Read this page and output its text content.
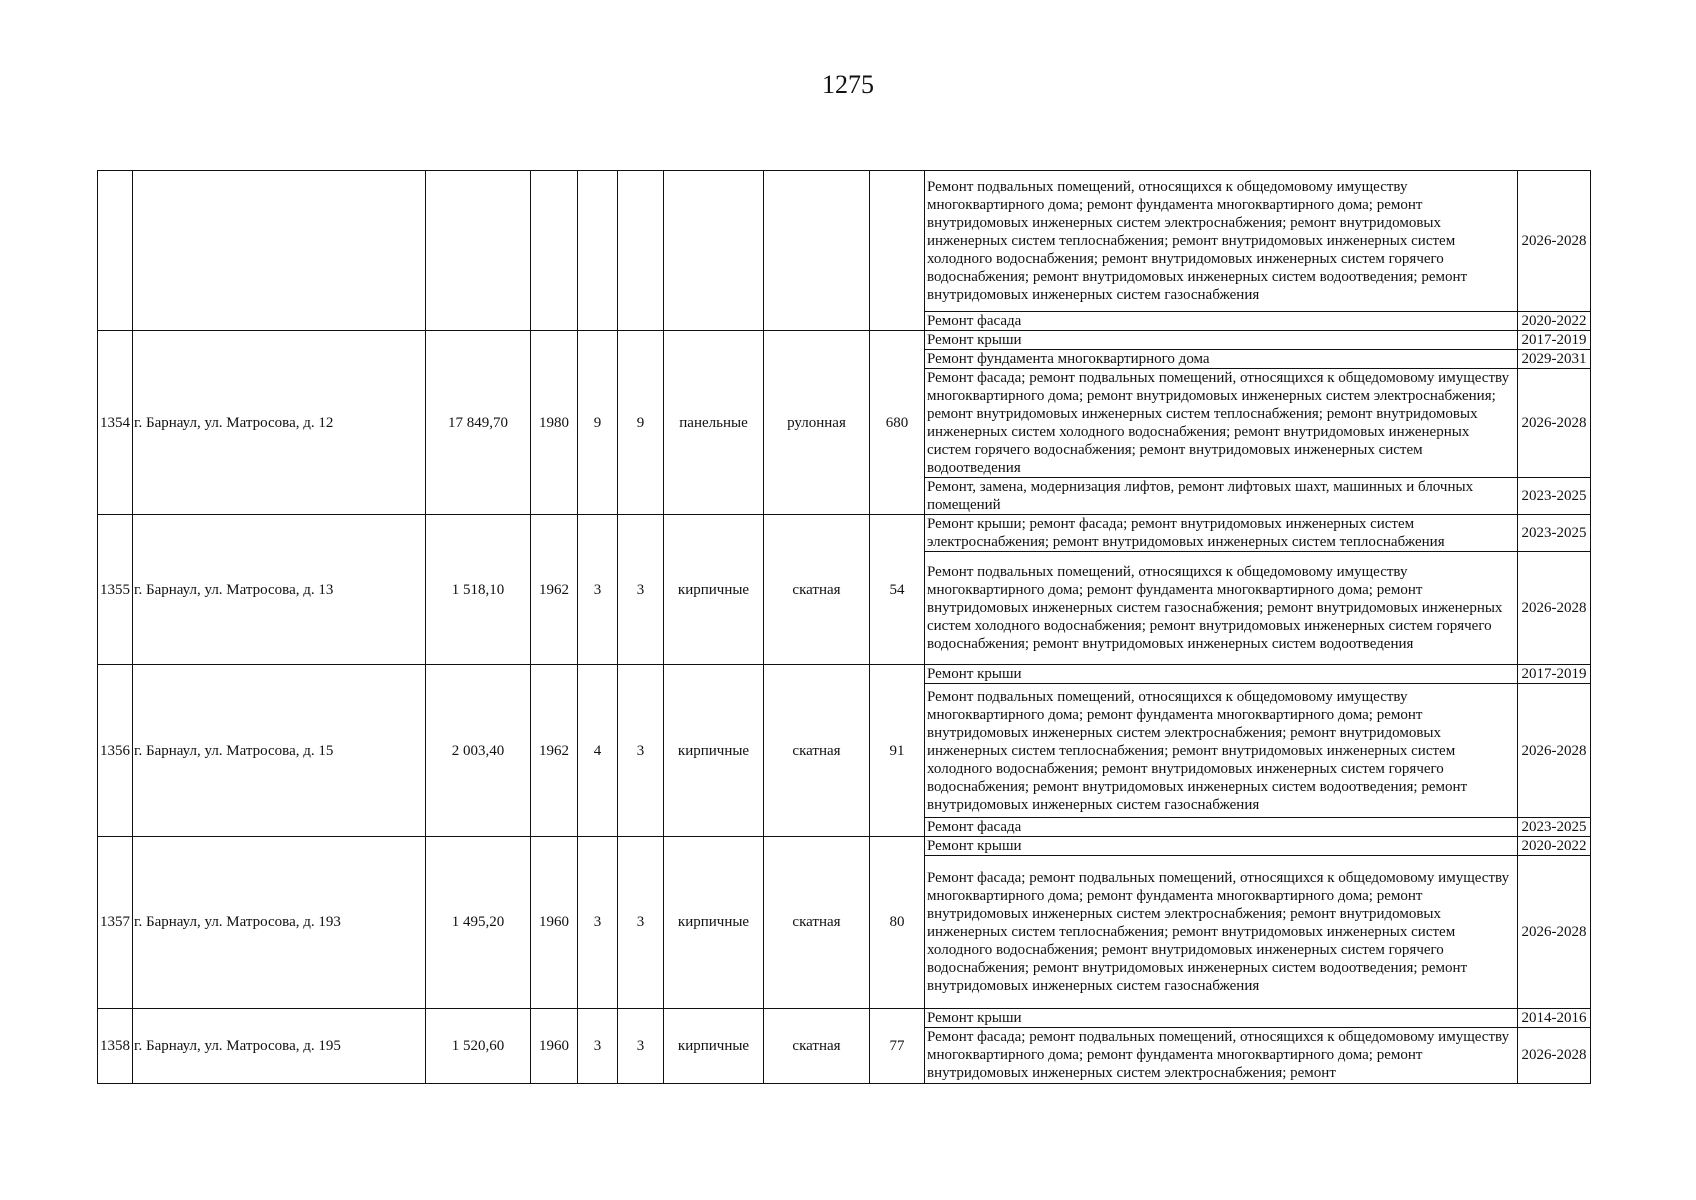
1275
									Ремонт подвальных помещений, относящихся к общедомовому имуществу многоквартирного дома; ремонт фундамента многоквартирного дома; ремонт внутридомовых инженерных систем электроснабжения; ремонт внутридомовых инженерных систем теплоснабжения; ремонт внутридомовых инженерных систем холодного водоснабжения; ремонт внутридомовых инженерных систем горячего водоснабжения; ремонт внутридомовых инженерных систем водоотведения; ремонт внутридомовых инженерных систем газоснабжения	2026-2028
									Ремонт фасада	2020-2022
1354	г. Барнаул, ул. Матросова, д. 12	17 849,70	1980	9	9	панельные	рулонная	680	Ремонт крыши	2017-2019
									Ремонт фундамента многоквартирного дома	2029-2031
									Ремонт фасада; ремонт подвальных помещений, относящихся к общедомовому имуществу многоквартирного дома; ремонт внутридомовых инженерных систем электроснабжения; ремонт внутридомовых инженерных систем теплоснабжения; ремонт внутридомовых инженерных систем холодного водоснабжения; ремонт внутридомовых инженерных систем горячего водоснабжения; ремонт внутридомовых инженерных систем водоотведения	2026-2028
									Ремонт, замена, модернизация лифтов, ремонт лифтовых шахт, машинных и блочных помещений	2023-2025
1355	г. Барнаул, ул. Матросова, д. 13	1 518,10	1962	3	3	кирпичные	скатная	54	Ремонт крыши; ремонт фасада; ремонт внутридомовых инженерных систем электроснабжения; ремонт внутридомовых инженерных систем теплоснабжения	2023-2025
									Ремонт подвальных помещений, относящихся к общедомовому имуществу многоквартирного дома; ремонт фундамента многоквартирного дома; ремонт внутридомовых инженерных систем газоснабжения; ремонт внутридомовых инженерных систем холодного водоснабжения; ремонт внутридомовых инженерных систем горячего водоснабжения; ремонт внутридомовых инженерных систем водоотведения	2026-2028
1356	г. Барнаул, ул. Матросова, д. 15	2 003,40	1962	4	3	кирпичные	скатная	91	Ремонт крыши	2017-2019
									Ремонт подвальных помещений, относящихся к общедомовому имуществу многоквартирного дома; ремонт фундамента многоквартирного дома; ремонт внутридомовых инженерных систем электроснабжения; ремонт внутридомовых инженерных систем теплоснабжения; ремонт внутридомовых инженерных систем холодного водоснабжения; ремонт внутридомовых инженерных систем горячего водоснабжения; ремонт внутридомовых инженерных систем водоотведения; ремонт внутридомовых инженерных систем газоснабжения	2026-2028
									Ремонт фасада	2023-2025
1357	г. Барнаул, ул. Матросова, д. 193	1 495,20	1960	3	3	кирпичные	скатная	80	Ремонт крыши	2020-2022
									Ремонт фасада; ремонт подвальных помещений, относящихся к общедомовому имуществу многоквартирного дома; ремонт фундамента многоквартирного дома; ремонт внутридомовых инженерных систем электроснабжения; ремонт внутридомовых инженерных систем теплоснабжения; ремонт внутридомовых инженерных систем холодного водоснабжения; ремонт внутридомовых инженерных систем горячего водоснабжения; ремонт внутридомовых инженерных систем водоотведения; ремонт внутридомовых инженерных систем газоснабжения	2026-2028
1358	г. Барнаул, ул. Матросова, д. 195	1 520,60	1960	3	3	кирпичные	скатная	77	Ремонт крыши	2014-2016
									Ремонт фасада; ремонт подвальных помещений, относящихся к общедомовому имуществу многоквартирного дома; ремонт фундамента многоквартирного дома; ремонт внутридомовых инженерных систем электроснабжения; ремонт	2026-2028
